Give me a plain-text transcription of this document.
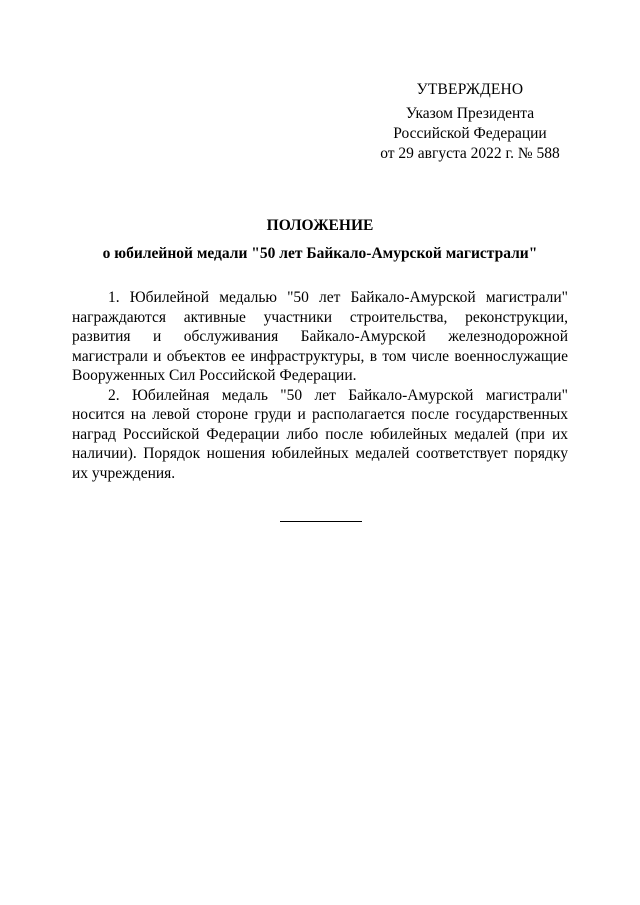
УТВЕРЖДЕНО
Указом Президента
Российской Федерации
от 29 августа 2022 г. № 588
ПОЛОЖЕНИЕ
о юбилейной медали "50 лет Байкало-Амурской магистрали"

1. Юбилейной медалью "50 лет Байкало-Амурской магистрали" награждаются активные участники строительства, реконструкции, развития и обслуживания Байкало-Амурской железнодорожной магистрали и объектов ее инфраструктуры, в том числе военнослужащие Вооруженных Сил Российской Федерации.

2. Юбилейная медаль "50 лет Байкало-Амурской магистрали" носится на левой стороне груди и располагается после государственных наград Российской Федерации либо после юбилейных медалей (при их наличии). Порядок ношения юбилейных медалей соответствует порядку их учреждения.
